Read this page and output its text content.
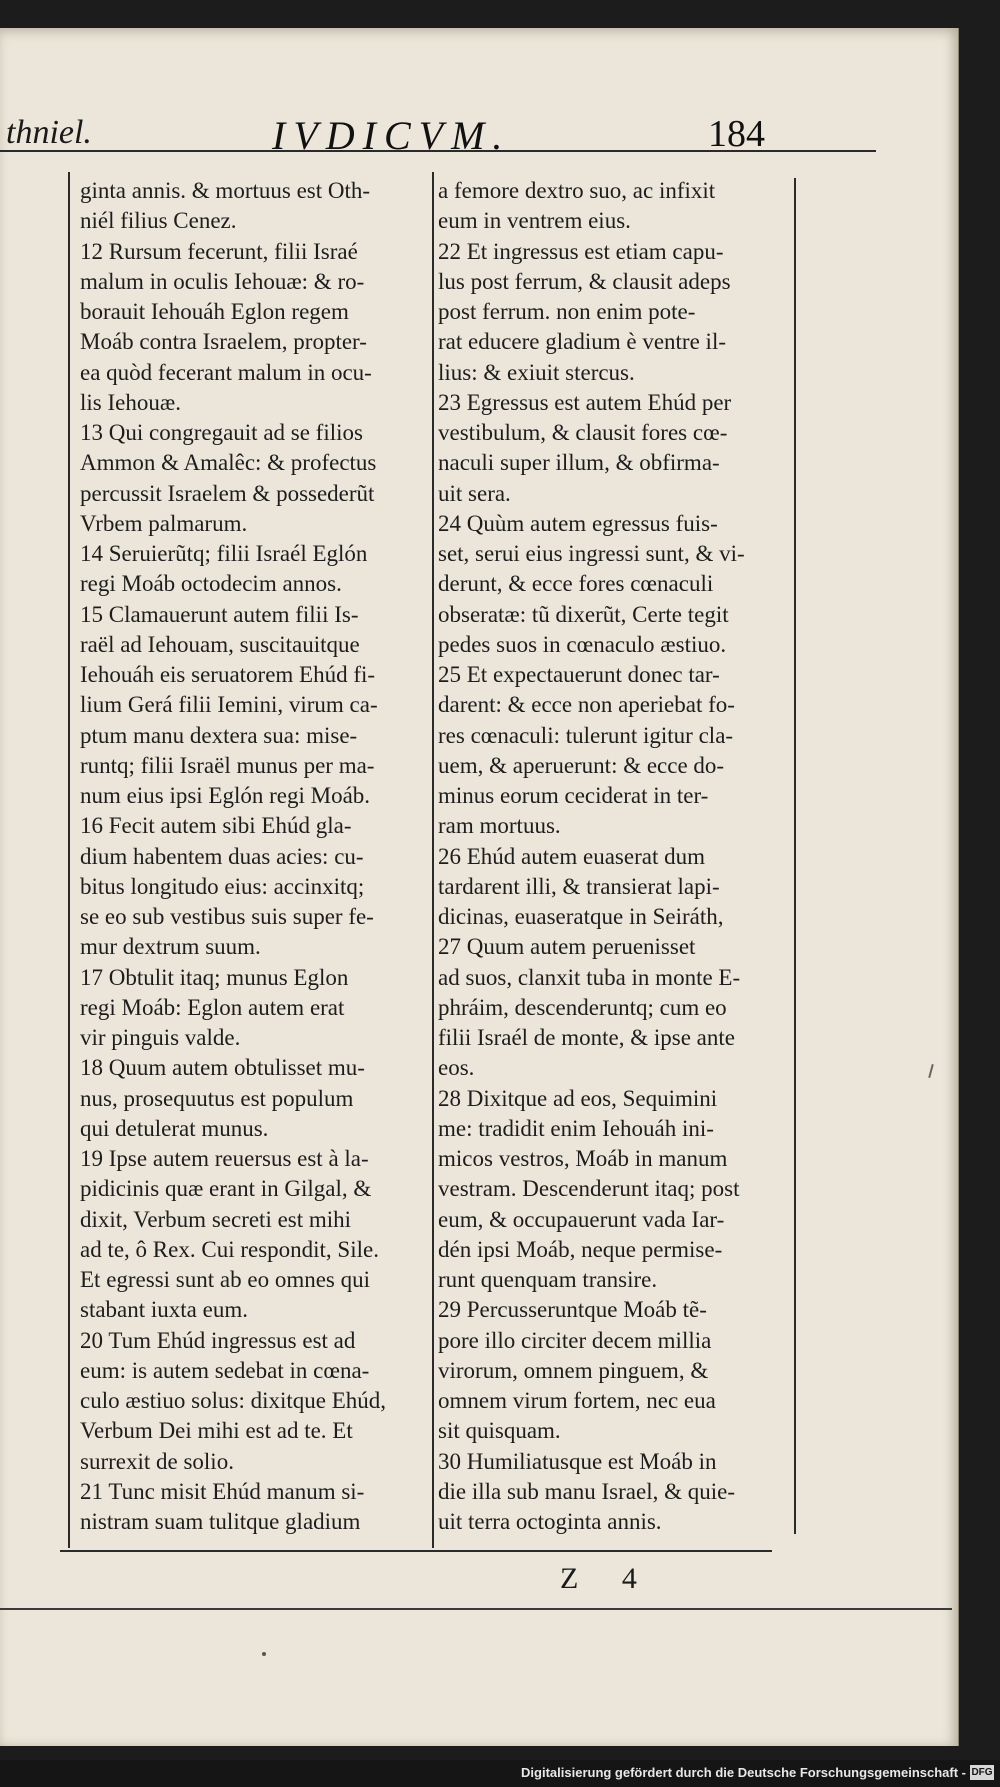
thniel.	IVDICVM.	184
ginta annis. & mortuus est Oth-
niél filius Cenez.
12 Rursum fecerunt, filii Israé
malum in oculis Iehouæ: & ro-
borauit Iehouáh Eglon regem
Moáb contra Israelem, propter-
ea quòd fecerant malum in ocu-
lis Iehouæ.
13 Qui congregauit ad se filios
Ammon & Amalêc: & profectus
percussit Israelem & possederũt
Vrbem palmarum.
14 Seruierũtq; filii Israél Eglón
regi Moáb octodecim annos.
15 Clamauerunt autem filii Is-
raël ad Iehouam, suscitauitque
Iehouáh eis seruatorem Ehúd fi-
lium Gerá filii Iemini, virum ca-
ptum manu dextera sua: mise-
runtq; filii Israël munus per ma-
num eius ipsi Eglón regi Moáb.
16 Fecit autem sibi Ehúd gla-
dium habentem duas acies: cu-
bitus longitudo eius: accinxitq;
se eo sub vestibus suis super fe-
mur dextrum suum.
17 Obtulit itaq; munus Eglon
regi Moáb: Eglon autem erat
vir pinguis valde.
18 Quum autem obtulisset mu-
nus, prosequutus est populum
qui detulerat munus.
19 Ipse autem reuersus est à la-
pidicinis quæ erant in Gilgal, &
dixit, Verbum secreti est mihi
ad te, ô Rex. Cui respondit, Sile.
Et egressi sunt ab eo omnes qui
stabant iuxta eum.
20 Tum Ehúd ingressus est ad
eum: is autem sedebat in cœna-
culo æstiuo solus: dixitque Ehúd,
Verbum Dei mihi est ad te. Et
surrexit de solio.
21 Tunc misit Ehúd manum si-
nistram suam tulitque gladium
a femore dextro suo, ac infixit
eum in ventrem eius.
22 Et ingressus est etiam capu-
lus post ferrum, & clausit adeps
post ferrum. non enim pote-
rat educere gladium è ventre il-
lius: & exiuit stercus.
23 Egressus est autem Ehúd per
vestibulum, & clausit fores cœ-
naculi super illum, & obfirma-
uit sera.
24 Quùm autem egressus fuis-
set, serui eius ingressi sunt, & vi-
derunt, & ecce fores cœnaculi
obseratæ: tũ dixerũt, Certe tegit
pedes suos in cœnaculo æstiuo.
25 Et expectauerunt donec tar-
darent: & ecce non aperiebat fo-
res cœnaculi: tulerunt igitur cla-
uem, & aperuerunt: & ecce do-
minus eorum ceciderat in ter-
ram mortuus.
26 Ehúd autem euaserat dum
tardarent illi, & transierat lapi-
dicinas, euaseratque in Seiráth,
27 Quum autem peruenisset
ad suos, clanxit tuba in monte E-
phráim, descenderuntq; cum eo
filii Israél de monte, & ipse ante
eos.
28 Dixitque ad eos, Sequimini
me: tradidit enim Iehouáh ini-
micos vestros, Moáb in manum
vestram. Descenderunt itaq; post
eum, & occupauerunt vada Iar-
dén ipsi Moáb, neque permise-
runt quenquam transire.
29 Percusseruntque Moáb tẽ-
pore illo circiter decem millia
virorum, omnem pinguem, &
omnem virum fortem, nec eua
sit quisquam.
30 Humiliatusque est Moáb in
die illa sub manu Israel, & quie-
uit terra octoginta annis.
Z 4
Digitalisierung gefördert durch die Deutsche Forschungsgemeinschaft - DFG
